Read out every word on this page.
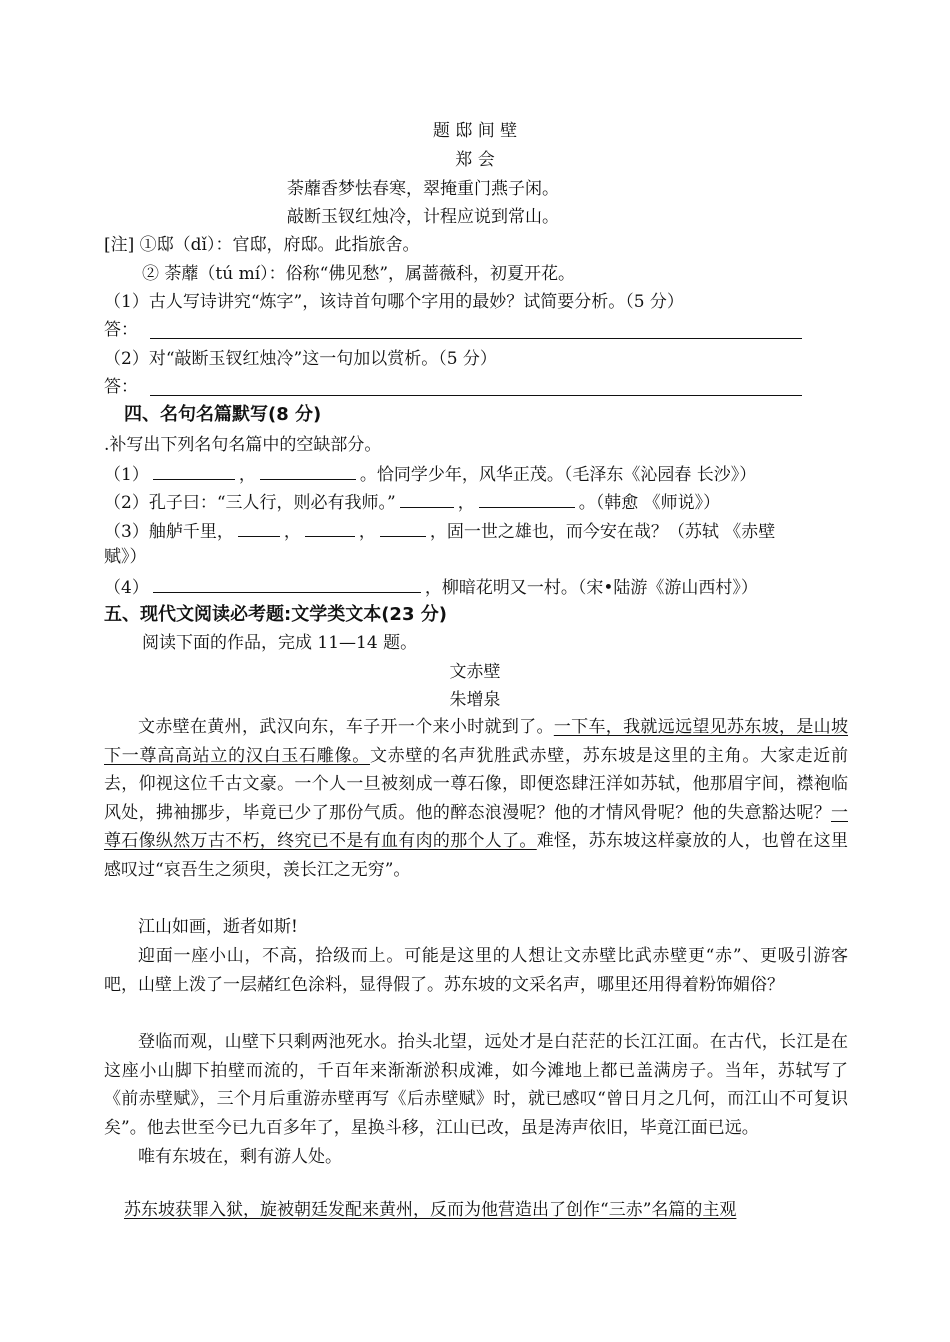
题 邸 间 壁
郑 会
荼蘼香梦怯春寒，翠掩重门燕子闲。
敲断玉钗红烛冷，计程应说到常山。
[注] ①邸（dǐ）：官邸，府邸。此指旅舍。
② 荼蘼（tú mí）：俗称“佛见愁”，属蔷薇科，初夏开花。
（1）古人写诗讲究“炼字”，该诗首句哪个字用的最妙？试简要分析。（5 分）
答：
（2）对“敲断玉钗红烛冷”这一句加以赏析。（5 分）
答：
四、名句名篇默写(8 分)
.补写出下列名句名篇中的空缺部分。
（1）	，	。恰同学少年，风华正茂。（毛泽东《沁园春 长沙》）
（2）孔子曰：“三人行，则必有我师。”	，	。（韩愈 《师说》）
（3）舳舻千里，	，	，	，固一世之雄也，而今安在哉？（苏轼 《赤壁
赋》）
（4）	，柳暗花明又一村。（宋•陆游《游山西村》）
五、现代文阅读必考题:文学类文本(23 分)
阅读下面的作品，完成 11—14 题。
文赤壁
朱增泉

文赤壁在黄州，武汉向东，车子开一个来小时就到了。一下车，我就远远望见苏东坡，是山坡下一尊高高站立的汉白玉石雕像。文赤壁的名声犹胜武赤壁，苏东坡是这里的主角。大家走近前去，仰视这位千古文豪。一个人一旦被刻成一尊石像，即便恣肆汪洋如苏轼，他那眉宇间，襟袍临风处，拂袖挪步，毕竟已少了那份气质。他的醉态浪漫呢？他的才情风骨呢？他的失意豁达呢？一尊石像纵然万古不朽，终究已不是有血有肉的那个人了。难怪，苏东坡这样豪放的人，也曾在这里感叹过“哀吾生之须臾，羡长江之无穷”。

江山如画，逝者如斯!

迎面一座小山，不高，拾级而上。可能是这里的人想让文赤壁比武赤壁更“赤”、更吸引游客吧，山壁上泼了一层赭红色涂料，显得假了。苏东坡的文采名声，哪里还用得着粉饰媚俗？

登临而观，山壁下只剩两池死水。抬头北望，远处才是白茫茫的长江江面。在古代，长江是在这座小山脚下拍壁而流的，千百年来渐渐淤积成滩，如今滩地上都已盖满房子。当年，苏轼写了《前赤壁赋》，三个月后重游赤壁再写《后赤壁赋》时，就已感叹“曾日月之几何，而江山不可复识矣”。他去世至今已九百多年了，星换斗移，江山已改，虽是涛声依旧，毕竟江面已远。

唯有东坡在，剩有游人处。

苏东坡获罪入狱，旋被朝廷发配来黄州，反而为他营造出了创作“三赤”名篇的主观
